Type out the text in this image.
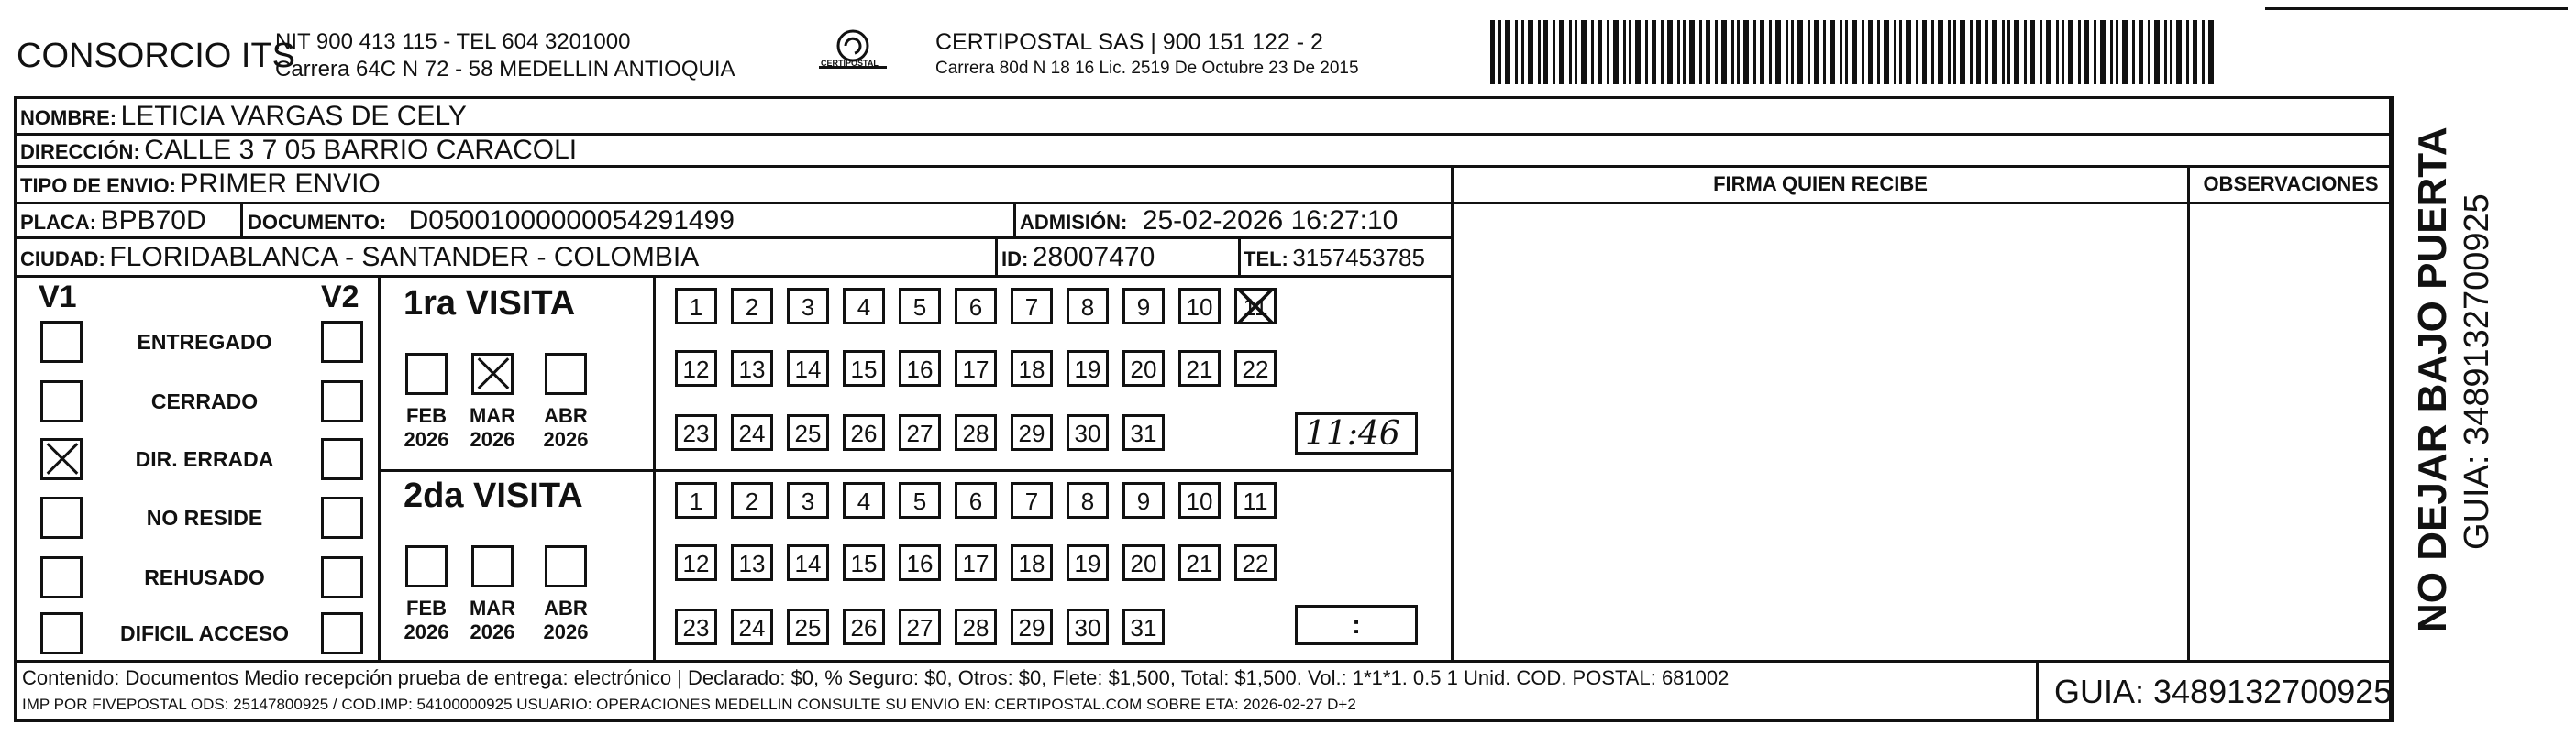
CONSORCIO ITS
NIT 900 413 115 - TEL 604 3201000
Carrera 64C N 72 - 58 MEDELLIN ANTIOQUIA	CERTIPOSTAL
CERTIPOSTAL SAS | 900 151 122 - 2
Carrera 80d N 18 16 Lic. 2519 De Octubre 23 De 2015
NOMBRE: LETICIA VARGAS DE CELY
DIRECCIÓN: CALLE 3 7 05 BARRIO CARACOLI
TIPO DE ENVIO: PRIMER ENVIO	FIRMA QUIEN RECIBE	OBSERVACIONES
PLACA: BPB70D DOCUMENTO: D05001000000054291499	ADMISIÓN: 25-02-2026 16:27:10
CIUDAD: FLORIDABLANCA - SANTANDER - COLOMBIA	ID: 28007470	TEL: 3157453785
V1	V2
ENTREGADO
CERRADO
DIR. ERRADA
NO RESIDE
REHUSADO
DIFICIL ACCESO
1ra VISITA
FEB
2026
MAR
2026
ABR
2026
1	2	3	4	5	6	7	8	9	10	11
12	13	14	15	16	17	18	19	20	21	22
23	24	25	26	27	28	29	30	31	11:46
2da VISITA
FEB
2026
MAR
2026
ABR
2026
1	2	3	4	5	6	7	8	9	10	11
12	13	14	15	16	17	18	19	20	21	22
23	24	25	26	27	28	29	30	31	:
Contenido: Documentos Medio recepción prueba de entrega: electrónico | Declarado: $0, % Seguro: $0, Otros: $0, Flete: $1,500, Total: $1,500. Vol.: 1*1*1. 0.5 1 Unid. COD. POSTAL: 681002
IMP POR FIVEPOSTAL ODS: 25147800925 / COD.IMP: 54100000925 USUARIO: OPERACIONES MEDELLIN CONSULTE SU ENVIO EN: CERTIPOSTAL.COM SOBRE ETA: 2026-02-27 D+2	GUIA: 3489132700925
NO DEJAR BAJO PUERTA GUIA: 3489132700925
